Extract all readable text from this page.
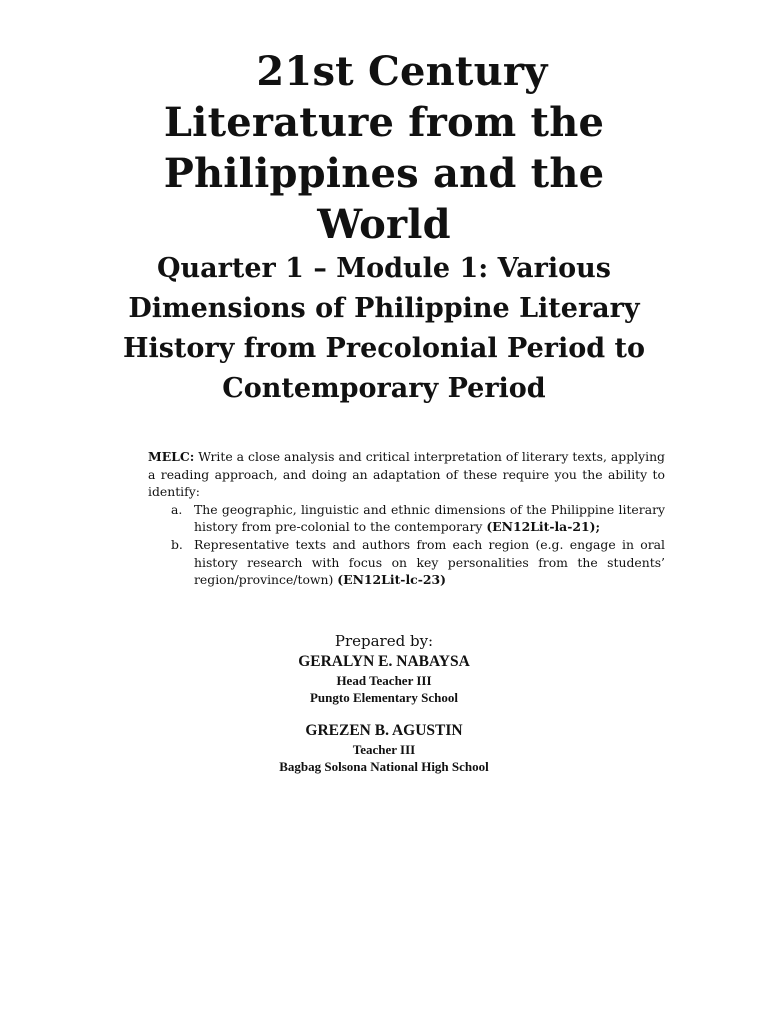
21st Century
Literature from the
Philippines and the
World
Quarter 1 – Module 1: Various
Dimensions of Philippine Literary
History from Precolonial Period to
Contemporary Period

MELC: Write a close analysis and critical interpretation of literary texts, applying a reading approach, and doing an adaptation of these require you the ability to identify:

a. The geographic, linguistic and ethnic dimensions of the Philippine literary history from pre-colonial to the contemporary (EN12Lit-la-21);
b. Representative texts and authors from each region (e.g. engage in oral history research with focus on key personalities from the students’ region/province/town) (EN12Lit-lc-23)
Prepared by:
GERALYN E. NABAYSA
Head Teacher III
Pungto Elementary School
GREZEN B. AGUSTIN
Teacher III
Bagbag Solsona National High School
